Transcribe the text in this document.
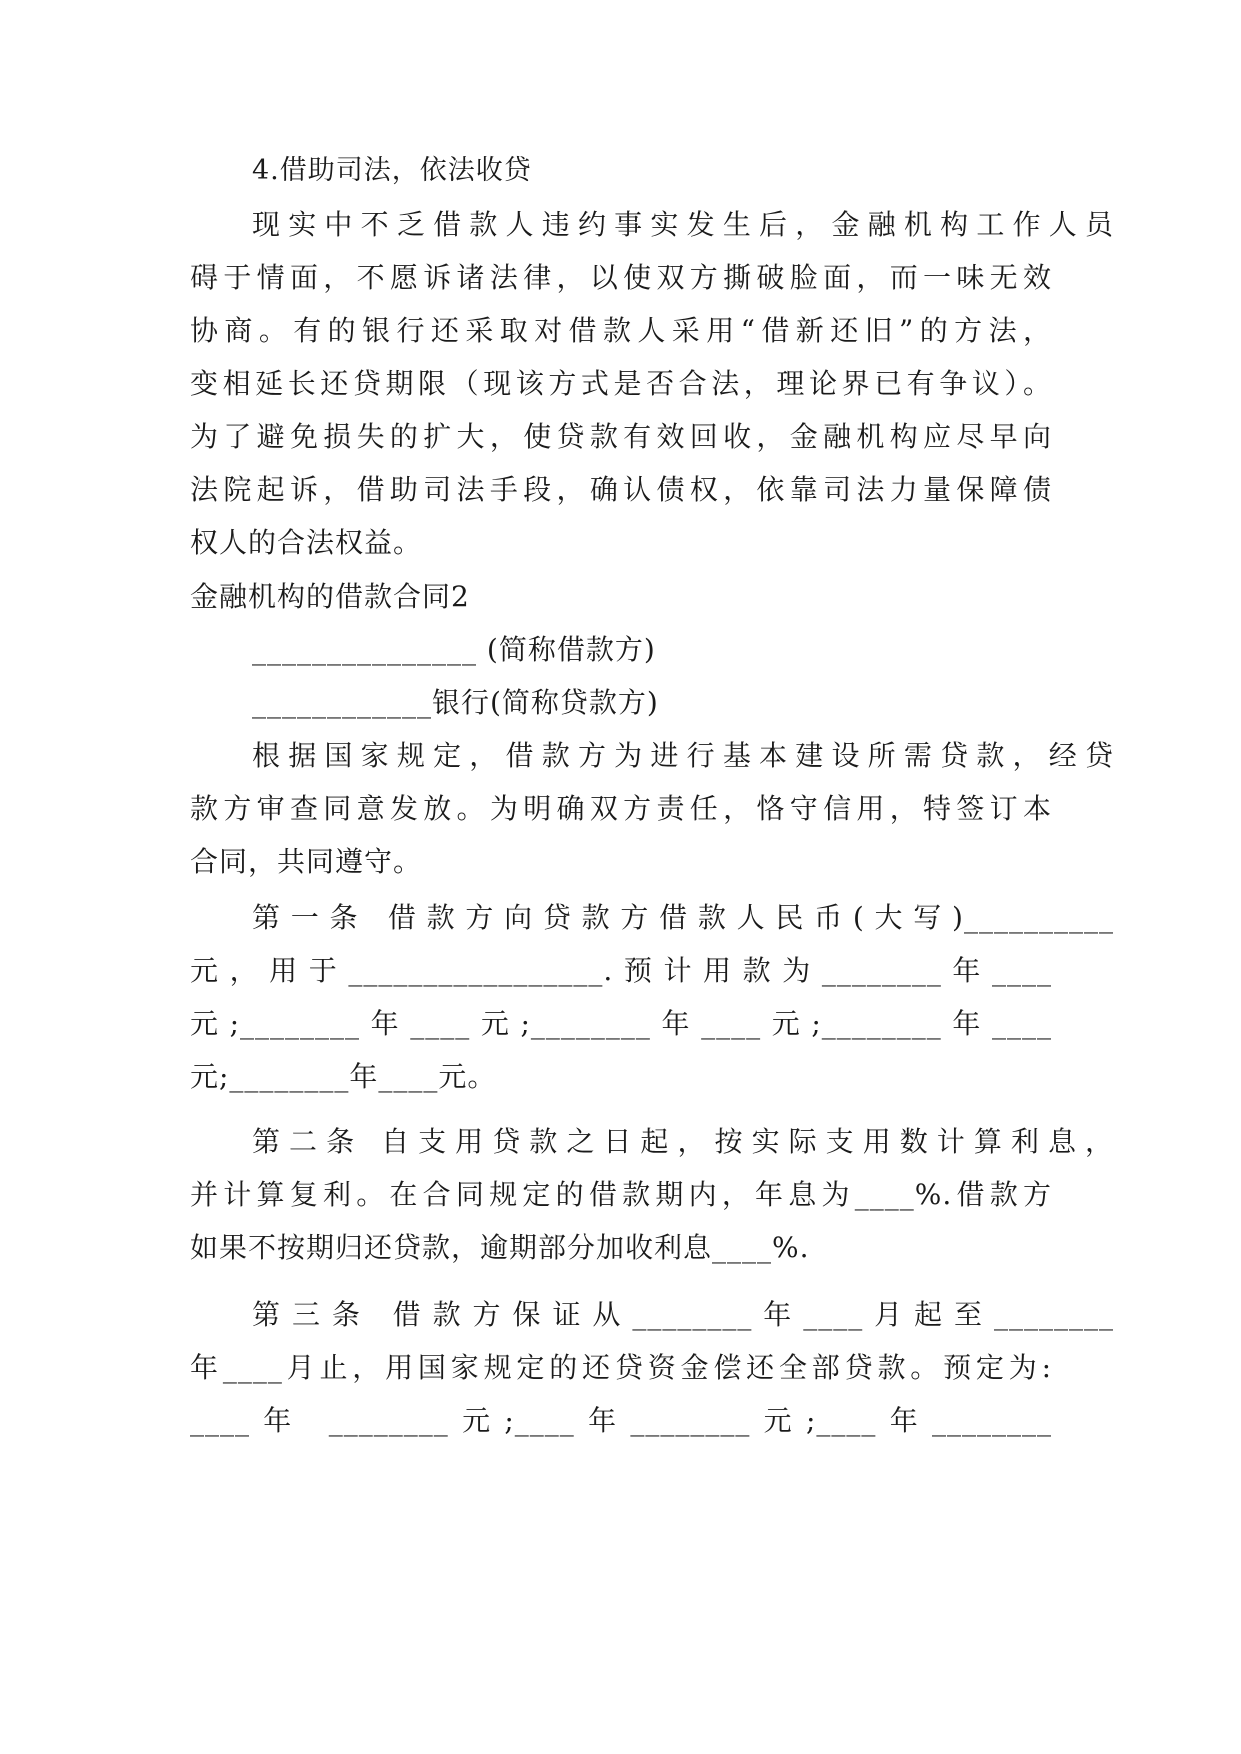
4.借助司法，依法收贷
现实中不乏借款人违约事实发生后，金融机构工作人员
碍于情面，不愿诉诸法律，以使双方撕破脸面，而一味无效
协商。有的银行还采取对借款人采用“借新还旧”的方法，
变相延长还贷期限（现该方式是否合法，理论界已有争议）。
为了避免损失的扩大，使贷款有效回收，金融机构应尽早向
法院起诉，借助司法手段，确认债权，依靠司法力量保障债
权人的合法权益。
金融机构的借款合同2
_______________ (简称借款方)
____________银行(简称贷款方)
根据国家规定，借款方为进行基本建设所需贷款，经贷
款方审查同意发放。为明确双方责任，恪守信用，特签订本
合同，共同遵守。
第一条 借款方向贷款方借款人民币(大写)__________
元，用于_________________.预计用款为________年____
元;________年____元;________年____元;________年____
元;________年____元。
第二条 自支用贷款之日起，按实际支用数计算利息，
并计算复利。在合同规定的借款期内，年息为____%.借款方
如果不按期归还贷款，逾期部分加收利息____%.
第三条 借款方保证从________年____月起至________
年____月止，用国家规定的还贷资金偿还全部贷款。预定为:
____年 ________元;____年________元;____年________
